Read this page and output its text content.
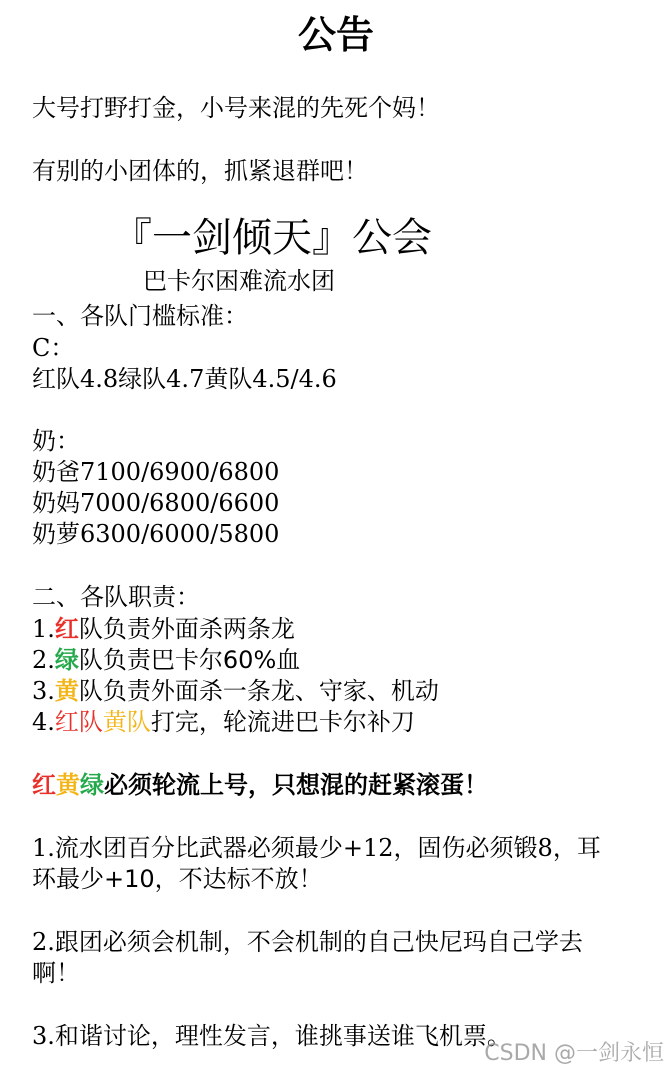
公告
大号打野打金，小号来混的先死个妈！
有别的小团体的，抓紧退群吧！
『一剑倾天』公会
巴卡尔困难流水团
一、各队门槛标准：
C：
红队4.8绿队4.7黄队4.5/4.6
奶：
奶爸7100/6900/6800
奶妈7000/6800/6600
奶萝6300/6000/5800
二、各队职责：
1.红队负责外面杀两条龙
2.绿队负责巴卡尔60%血
3.黄队负责外面杀一条龙、守家、机动
4.红队黄队打完，轮流进巴卡尔补刀
红黄绿必须轮流上号，只想混的赶紧滚蛋！
1.流水团百分比武器必须最少+12，固伤必须锻8，耳
环最少+10，不达标不放！
2.跟团必须会机制，不会机制的自己快尼玛自己学去
啊！
3.和谐讨论，理性发言，谁挑事送谁飞机票。
CSDN @一剑永恒
